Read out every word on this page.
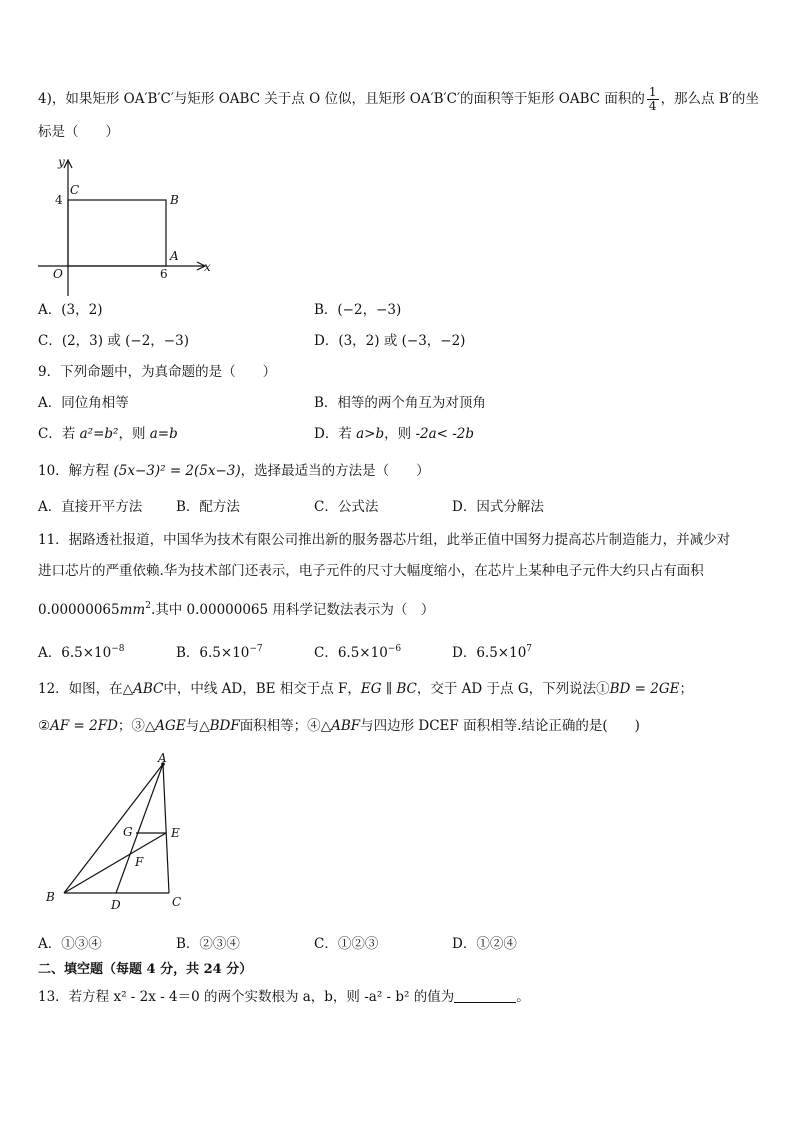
4)，如果矩形 OA′B′C′与矩形 OABC 关于点 O 位似，且矩形 OA′B′C′的面积等于矩形 OABC 面积的 $\frac{1}{4}$ ，那么点 B′的坐
标是（　　）
y
x
C
B
A
O
4
6
A．(3，2)	B．(−2，−3)
C．(2，3) 或 (−2，−3)	D．(3，2) 或 (−3，−2)
9．下列命题中，为真命题的是（　　）
A．同位角相等	B．相等的两个角互为对顶角
C．若 a²=b²，则 a=b	D．若 a>b，则 -2a< -2b
10．解方程 (5x−3)² = 2(5x−3)，选择最适当的方法是（　　）
A．直接开平方法	B．配方法	C．公式法	D．因式分解法
11．据路透社报道，中国华为技术有限公司推出新的服务器芯片组，此举正值中国努力提高芯片制造能力，并减少对
进口芯片的严重依赖.华为技术部门还表示，电子元件的尺寸大幅度缩小，在芯片上某种电子元件大约只占有面积
$0.00000065mm^2$.其中 0.00000065 用科学记数法表示为（　）
A．$6.5\times 10^{-8}$	B．$6.5\times 10^{-7}$	C．$6.5\times 10^{-6}$	D．$6.5\times 10^7$
12．如图，在△ABC中，中线 AD，BE 相交于点 F，EG ∥ BC，交于 AD 于点 G，下列说法①BD = 2GE；
②AF = 2FD；③△AGE与△BDF面积相等；④△ABF与四边形 DCEF 面积相等.结论正确的是(　　)
A
B	C
D
E
F
G
A．①③④	B．②③④	C．①②③	D．①②④
二、填空题（每题 4 分，共 24 分）
13．若方程 x² - 2x - 4＝0 的两个实数根为 a，b，则 -a² - b² 的值为	。
